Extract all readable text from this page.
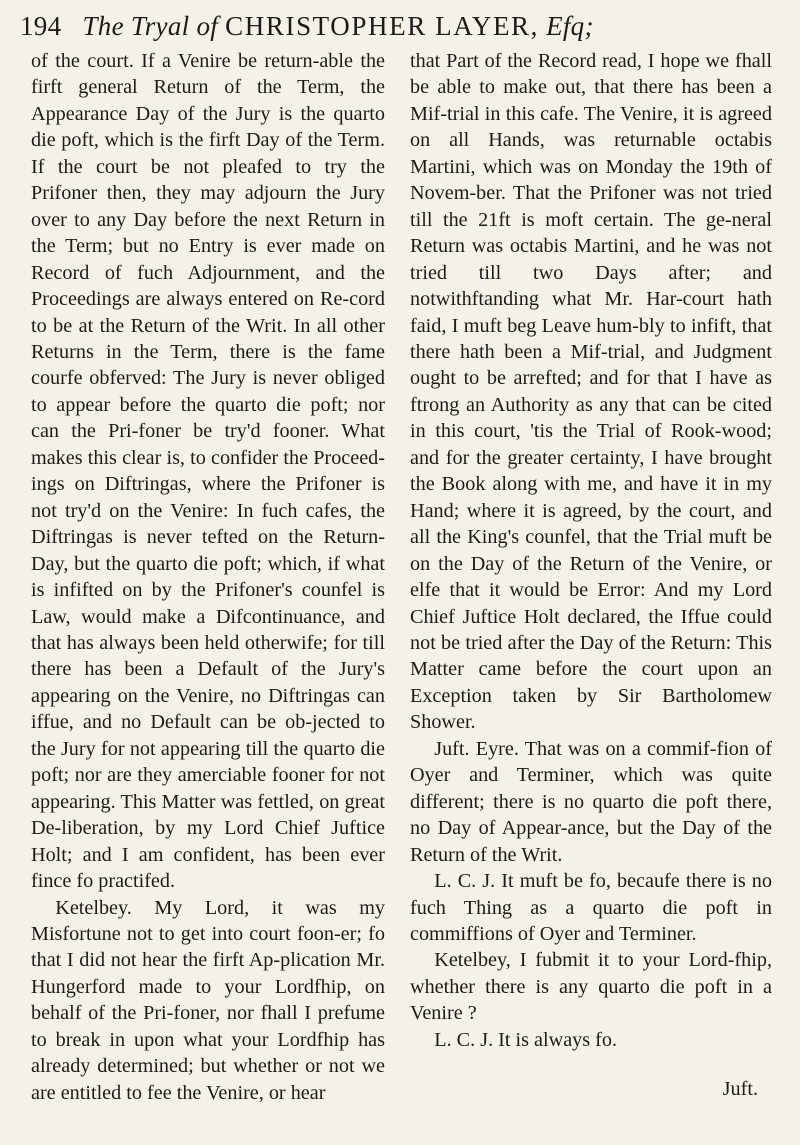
194 The Tryal of CHRISTOPHER LAYER, Efq;

of the court. If a Venire be return-able the firft general Return of the Term, the Appearance Day of the Jury is the quarto die poft, which is the firft Day of the Term. If the court be not pleafed to try the Prifoner then, they may adjourn the Jury over to any Day before the next Return in the Term; but no Entry is ever made on Record of fuch Adjournment, and the Proceedings are always entered on Re-cord to be at the Return of the Writ. In all other Returns in the Term, there is the fame courfe obferved: The Jury is never obliged to appear before the quarto die poft; nor can the Pri-foner be try'd fooner. What makes this clear is, to confider the Proceed-ings on Diftringas, where the Prifoner is not try'd on the Venire: In fuch cafes, the Diftringas is never tefted on the Return-Day, but the quarto die poft; which, if what is infifted on by the Prifoner's counfel is Law, would make a Difcontinuance, and that has always been held otherwife; for till there has been a Default of the Jury's appearing on the Venire, no Diftringas can iffue, and no Default can be ob-jected to the Jury for not appearing till the quarto die poft; nor are they amerciable fooner for not appearing. This Matter was fettled, on great De-liberation, by my Lord Chief Juftice Holt; and I am confident, has been ever fince fo practifed.

Ketelbey. My Lord, it was my Misfortune not to get into court foon-er; fo that I did not hear the firft Ap-plication Mr. Hungerford made to your Lordfhip, on behalf of the Pri-foner, nor fhall I prefume to break in upon what your Lordfhip has already determined; but whether or not we are entitled to fee the Venire, or hear

that Part of the Record read, I hope we fhall be able to make out, that there has been a Mif-trial in this cafe. The Venire, it is agreed on all Hands, was returnable octabis Martini, which was on Monday the 19th of Novem-ber. That the Prifoner was not tried till the 21ft is moft certain. The ge-neral Return was octabis Martini, and he was not tried till two Days after; and notwithftanding what Mr. Har-court hath faid, I muft beg Leave hum-bly to infift, that there hath been a Mif-trial, and Judgment ought to be arrefted; and for that I have as ftrong an Authority as any that can be cited in this court, 'tis the Trial of Rook-wood; and for the greater certainty, I have brought the Book along with me, and have it in my Hand; where it is agreed, by the court, and all the King's counfel, that the Trial muft be on the Day of the Return of the Venire, or elfe that it would be Error: And my Lord Chief Juftice Holt declared, the Iffue could not be tried after the Day of the Return: This Matter came before the court upon an Exception taken by Sir Bartholomew Shower.

Juft. Eyre. That was on a commif-fion of Oyer and Terminer, which was quite different; there is no quarto die poft there, no Day of Appear-ance, but the Day of the Return of the Writ.

L. C. J. It muft be fo, becaufe there is no fuch Thing as a quarto die poft in commiffions of Oyer and Terminer.

Ketelbey, I fubmit it to your Lord-fhip, whether there is any quarto die poft in a Venire ?

L. C. J. It is always fo.

Juft.
